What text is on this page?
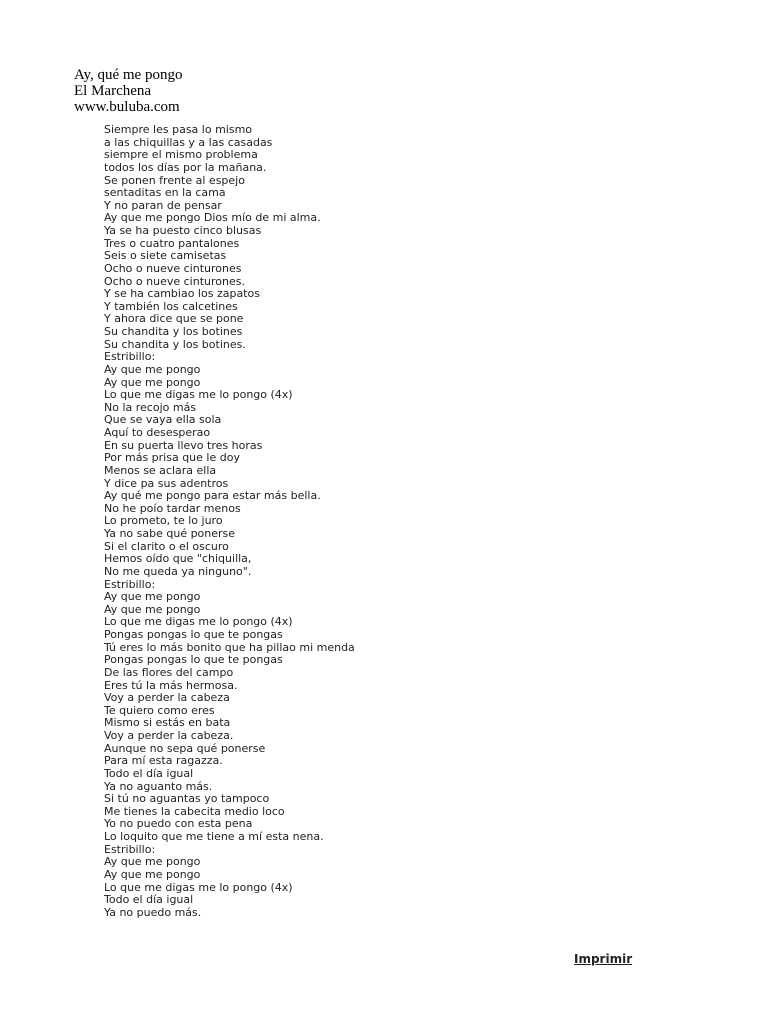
Ay, qué me pongo
El Marchena
www.buluba.com
Siempre les pasa lo mismo
a las chiquillas y a las casadas
siempre el mismo problema
todos los días por la mañana.
Se ponen frente al espejo
sentaditas en la cama
Y no paran de pensar
Ay que me pongo Dios mío de mi alma.
Ya se ha puesto cinco blusas
Tres o cuatro pantalones
Seis o siete camisetas
Ocho o nueve cinturones
Ocho o nueve cinturones.
Y se ha cambiao los zapatos
Y también los calcetines
Y ahora dice que se pone
Su chandita y los botines
Su chandita y los botines.
Estribillo:
Ay que me pongo
Ay que me pongo
Lo que me digas me lo pongo (4x)
No la recojo más
Que se vaya ella sola
Aquí to desesperao
En su puerta llevo tres horas
Por más prisa que le doy
Menos se aclara ella
Y dice pa sus adentros
Ay qué me pongo para estar más bella.
No he poío tardar menos
Lo prometo, te lo juro
Ya no sabe qué ponerse
Si el clarito o el oscuro
Hemos oído que "chiquilla,
No me queda ya ninguno".
Estribillo:
Ay que me pongo
Ay que me pongo
Lo que me digas me lo pongo (4x)
Pongas pongas lo que te pongas
Tú eres lo más bonito que ha pillao mi menda
Pongas pongas lo que te pongas
De las flores del campo
Eres tú la más hermosa.
Voy a perder la cabeza
Te quiero como eres
Mismo si estás en bata
Voy a perder la cabeza.
Aunque no sepa qué ponerse
Para mí esta ragazza.
Todo el día igual
Ya no aguanto más.
Si tú no aguantas yo tampoco
Me tienes la cabecita medio loco
Yo no puedo con esta pena
Lo loquito que me tiene a mí esta nena.
Estribillo:
Ay que me pongo
Ay que me pongo
Lo que me digas me lo pongo (4x)
Todo el día igual
Ya no puedo más.
Imprimir
